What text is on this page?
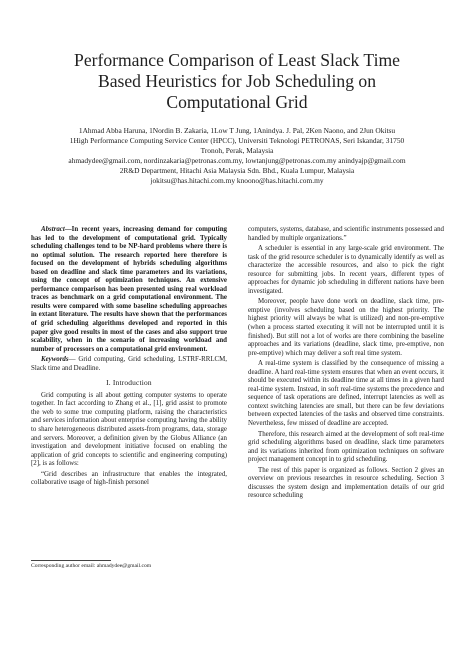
Performance Comparison of Least Slack Time
Based Heuristics for Job Scheduling on
Computational Grid
1Ahmad Abba Haruna, 1Nordin B. Zakaria, 1Low T Jung, 1Anindya. J. Pal, 2Ken Naono, and 2Jun Okitsu
1High Performance Computing Service Center (HPCC), Universiti Teknologi PETRONAS, Seri Iskandar, 31750
Tronoh, Perak, Malaysia
ahmadydee@gmail.com, nordinzakaria@petronas.com.my, lowtanjung@petronas.com.my anindyajp@gmail.com
2R&D Department, Hitachi Asia Malaysia Sdn. Bhd., Kuala Lumpur, Malaysia
jokitsu@has.hitachi.com.my knoono@has.hitachi.com.my

Abstract—In recent years, increasing demand for computing has led to the development of computational grid. Typically scheduling challenges tend to be NP-hard problems where there is no optimal solution. The research reported here therefore is focused on the development of hybrids scheduling algorithms based on deadline and slack time parameters and its variations, using the concept of optimization techniques. An extensive performance comparison has been presented using real workload traces as benchmark on a grid computational environment. The results were compared with some baseline scheduling approaches in extant literature. The results have shown that the performances of grid scheduling algorithms developed and reported in this paper give good results in most of the cases and also support true scalability, when in the scenario of increasing workload and number of processors on a computational grid environment.

Keywords— Grid computing, Grid scheduling, LSTRF-RRLCM, Slack time and Deadline.

I. Introduction

Grid computing is all about getting computer systems to operate together. In fact according to Zhang et al., [1], grid assist to promote the web to some true computing platform, raising the characteristics and services information about enterprise computing having the ability to share heterogeneous distributed assets-from programs, data, storage and servers. Moreover, a definition given by the Globus Alliance (an investigation and development initiative focused on enabling the application of grid concepts to scientific and engineering computing) [2], is as follows:

“Grid describes an infrastructure that enables the integrated, collaborative usage of high-finish personel

Corresponding author email: ahmadydee@gmail.com

computers, systems, database, and scientific instruments possessed and handled by multiple organizations.”

A scheduler is essential in any large-scale grid environment. The task of the grid resource scheduler is to dynamically identify as well as characterize the accessible resources, and also to pick the right resource for submitting jobs. In recent years, different types of approaches for dynamic job scheduling in different nations have been investigated.

Moreover, people have done work on deadline, slack time, pre-emptive (involves scheduling based on the highest priority. The highest priority will always be what is utilized) and non-pre-emptive (when a process started executing it will not be interrupted until it is finished). But still not a lot of works are there combining the baseline approaches and its variations (deadline, slack time, pre-emptive, non pre-emptive) which may deliver a soft real time system.

A real-time system is classified by the consequence of missing a deadline. A hard real-time system ensures that when an event occurs, it should be executed within its deadline time at all times in a given hard real-time system. Instead, in soft real-time systems the precedence and sequence of task operations are defined, interrupt latencies as well as context switching latencies are small, but there can be few deviations between expected latencies of the tasks and observed time constraints. Nevertheless, few missed of deadline are accepted.

Therefore, this research aimed at the development of soft real-time grid scheduling algorithms based on deadline, slack time parameters and its variations inherited from optimization techniques on software project management concept in to grid scheduling.

The rest of this paper is organized as follows. Section 2 gives an overview on previous researches in resource scheduling. Section 3 discusses the system design and implementation details of our grid resource scheduling
